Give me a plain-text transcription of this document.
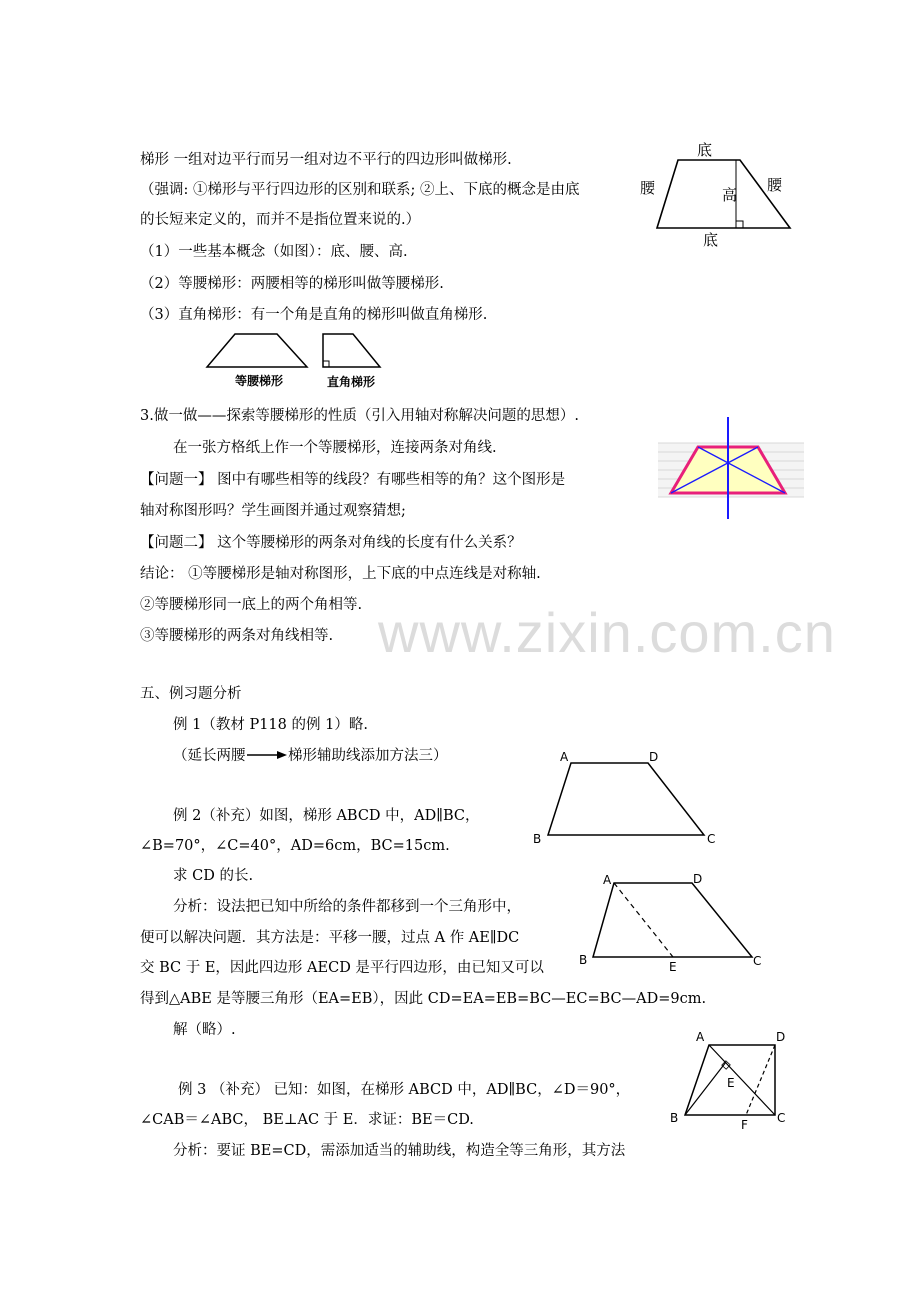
梯形 一组对边平行而另一组对边不平行的四边形叫做梯形.
（强调: ①梯形与平行四边形的区别和联系; ②上、下底的概念是由底
的长短来定义的，而并不是指位置来说的.）
（1）一些基本概念（如图）：底、腰、高.
（2）等腰梯形：两腰相等的梯形叫做等腰梯形.
（3）直角梯形：有一个角是直角的梯形叫做直角梯形.
底
腰	高
腰
底
等腰梯形	直角梯形
3.做一做——探索等腰梯形的性质（引入用轴对称解决问题的思想）.
在一张方格纸上作一个等腰梯形，连接两条对角线.
【问题一】 图中有哪些相等的线段？有哪些相等的角？这个图形是
轴对称图形吗？学生画图并通过观察猜想;
【问题二】 这个等腰梯形的两条对角线的长度有什么关系？
结论： ①等腰梯形是轴对称图形，上下底的中点连线是对称轴.
②等腰梯形同一底上的两个角相等.
③等腰梯形的两条对角线相等.
五、例习题分析
例 1（教材 P118 的例 1）略.
（延长两腰	梯形辅助线添加方法三）
例 2（补充）如图，梯形 ABCD 中，AD∥BC，
∠B=70°，∠C=40°，AD=6cm，BC=15cm.
求 CD 的长.
分析：设法把已知中所给的条件都移到一个三角形中，
便可以解决问题．其方法是：平移一腰，过点 A 作 AE∥DC
交 BC 于 E，因此四边形 AECD 是平行四边形，由已知又可以
得到△ABE 是等腰三角形（EA=EB），因此 CD=EA=EB=BC—EC=BC—AD=9cm.
解（略）.
A	D
B	C
A	D
B	C
E
例 3 （补充） 已知：如图，在梯形 ABCD 中，AD∥BC，∠D＝90°，
∠CAB＝∠ABC， BE⊥AC 于 E．求证：BE＝CD.
分析：要证 BE=CD，需添加适当的辅助线，构造全等三角形，其方法
A	D
B	C
E
F
www.zixin.com.cn
